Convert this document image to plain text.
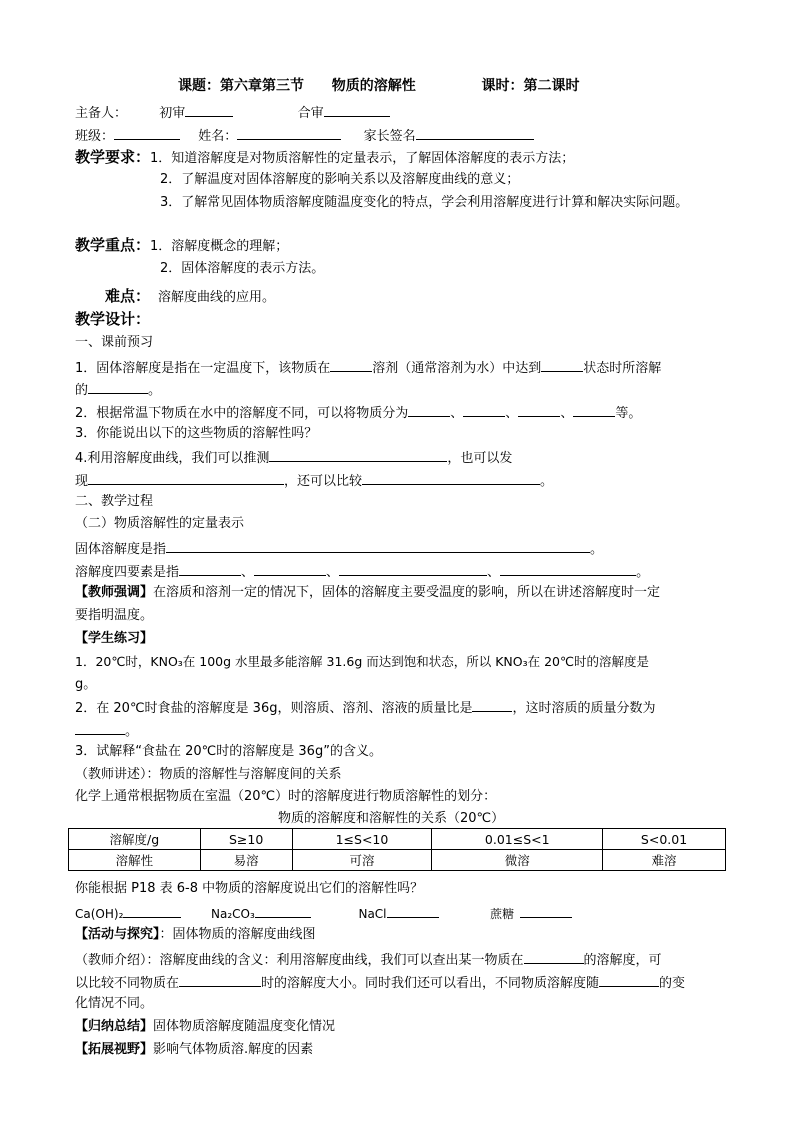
课题：第六章第三节 物质的溶解性	课时：第二课时
主备人： 初审	合审
班级：	姓名：	家长签名
教学要求：1．知道溶解度是对物质溶解性的定量表示，了解固体溶解度的表示方法；
2．了解温度对固体溶解度的影响关系以及溶解度曲线的意义；
3．了解常见固体物质溶解度随温度变化的特点，学会利用溶解度进行计算和解决实际问题。
教学重点：1．溶解度概念的理解；
2．固体溶解度的表示方法。
难点： 溶解度曲线的应用。
教学设计：
一、课前预习
1．固体溶解度是指在一定温度下，该物质在	溶剂（通常溶剂为水）中达到	状态时所溶解
的	。
2．根据常温下物质在水中的溶解度不同，可以将物质分为	、	、	、	等。
3．你能说出以下的这些物质的溶解性吗？
4.利用溶解度曲线，我们可以推测	，也可以发
现	，还可以比较	。
二、教学过程
（二）物质溶解性的定量表示
固体溶解度是指	。
溶解度四要素是指	、	、	、	。
【教师强调】在溶质和溶剂一定的情况下，固体的溶解度主要受温度的影响，所以在讲述溶解度时一定
要指明温度。
【学生练习】
1．20℃时，KNO₃在 100g 水里最多能溶解 31.6g 而达到饱和状态，所以 KNO₃在 20℃时的溶解度是
g。
2．在 20℃时食盐的溶解度是 36g，则溶质、溶剂、溶液的质量比是	，这时溶质的质量分数为
。
3．试解释“食盐在 20℃时的溶解度是 36g”的含义。
（教师讲述）：物质的溶解性与溶解度间的关系
化学上通常根据物质在室温（20℃）时的溶解度进行物质溶解性的划分：
物质的溶解度和溶解性的关系（20℃）
溶解度/g	S≥10	1≤S<10	0.01≤S<1	S<0.01
溶解性	易溶	可溶	微溶	难溶
你能根据 P18 表 6-8 中物质的溶解度说出它们的溶解性吗？
Ca(OH)₂	Na₂CO₃	NaCl	蔗糖
【活动与探究】：固体物质的溶解度曲线图
（教师介绍）：溶解度曲线的含义：利用溶解度曲线，我们可以查出某一物质在	的溶解度，可
以比较不同物质在	时的溶解度大小。同时我们还可以看出，不同物质溶解度随	的变
化情况不同。
【归纳总结】固体物质溶解度随温度变化情况
【拓展视野】影响气体物质溶.解度的因素
